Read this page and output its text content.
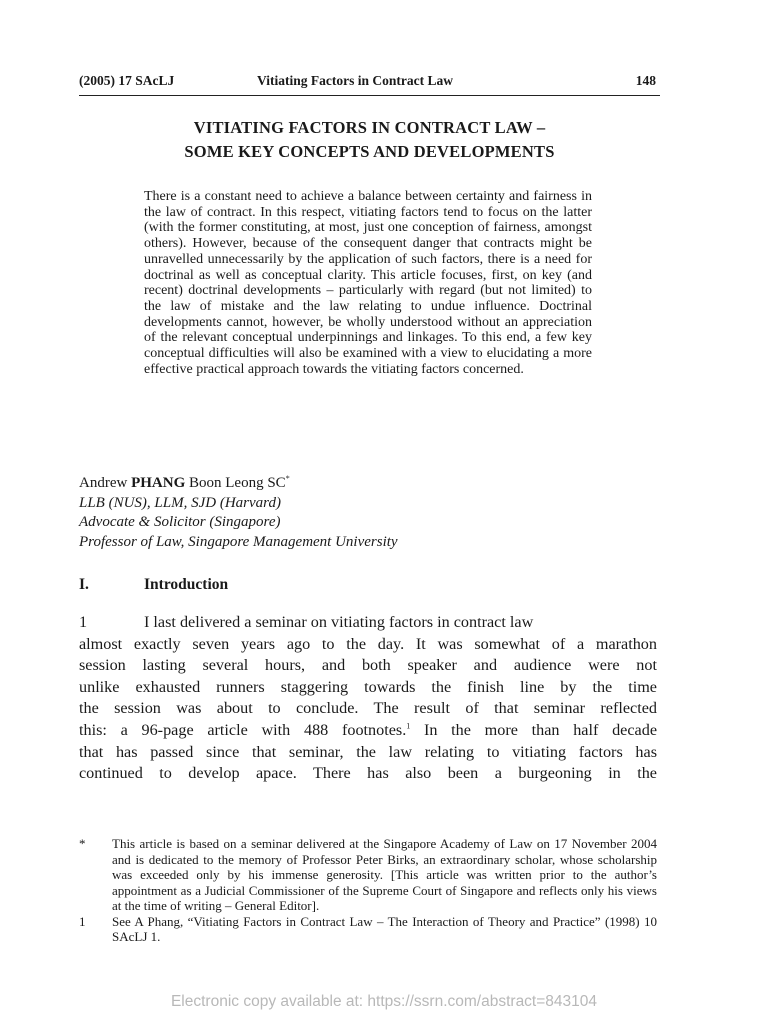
(2005) 17 SAcLJ	Vitiating Factors in Contract Law	148
VITIATING FACTORS IN CONTRACT LAW –
SOME KEY CONCEPTS AND DEVELOPMENTS
There is a constant need to achieve a balance between certainty and fairness in the law of contract. In this respect, vitiating factors tend to focus on the latter (with the former constituting, at most, just one conception of fairness, amongst others). However, because of the consequent danger that contracts might be unravelled unnecessarily by the application of such factors, there is a need for doctrinal as well as conceptual clarity. This article focuses, first, on key (and recent) doctrinal developments – particularly with regard (but not limited) to the law of mistake and the law relating to undue influence. Doctrinal developments cannot, however, be wholly understood without an appreciation of the relevant conceptual underpinnings and linkages. To this end, a few key conceptual difficulties will also be examined with a view to elucidating a more effective practical approach towards the vitiating factors concerned.
Andrew PHANG Boon Leong SC*
LLB (NUS), LLM, SJD (Harvard)
Advocate & Solicitor (Singapore)
Professor of Law, Singapore Management University
I.	Introduction
1	I last delivered a seminar on vitiating factors in contract law
almost exactly seven years ago to the day. It was somewhat of a marathon
session lasting several hours, and both speaker and audience were not
unlike exhausted runners staggering towards the finish line by the time
the session was about to conclude. The result of that seminar reflected
this: a 96-page article with 488 footnotes.$^1$ In the more than half decade
that has passed since that seminar, the law relating to vitiating factors has
continued to develop apace. There has also been a burgeoning in the
* This article is based on a seminar delivered at the Singapore Academy of Law on 17 November 2004 and is dedicated to the memory of Professor Peter Birks, an extraordinary scholar, whose scholarship was exceeded only by his immense generosity. [This article was written prior to the author’s appointment as a Judicial Commissioner of the Supreme Court of Singapore and reflects only his views at the time of writing – General Editor].
1 See A Phang, “Vitiating Factors in Contract Law – The Interaction of Theory and Practice” (1998) 10 SAcLJ 1.
Electronic copy available at: https://ssrn.com/abstract=843104
